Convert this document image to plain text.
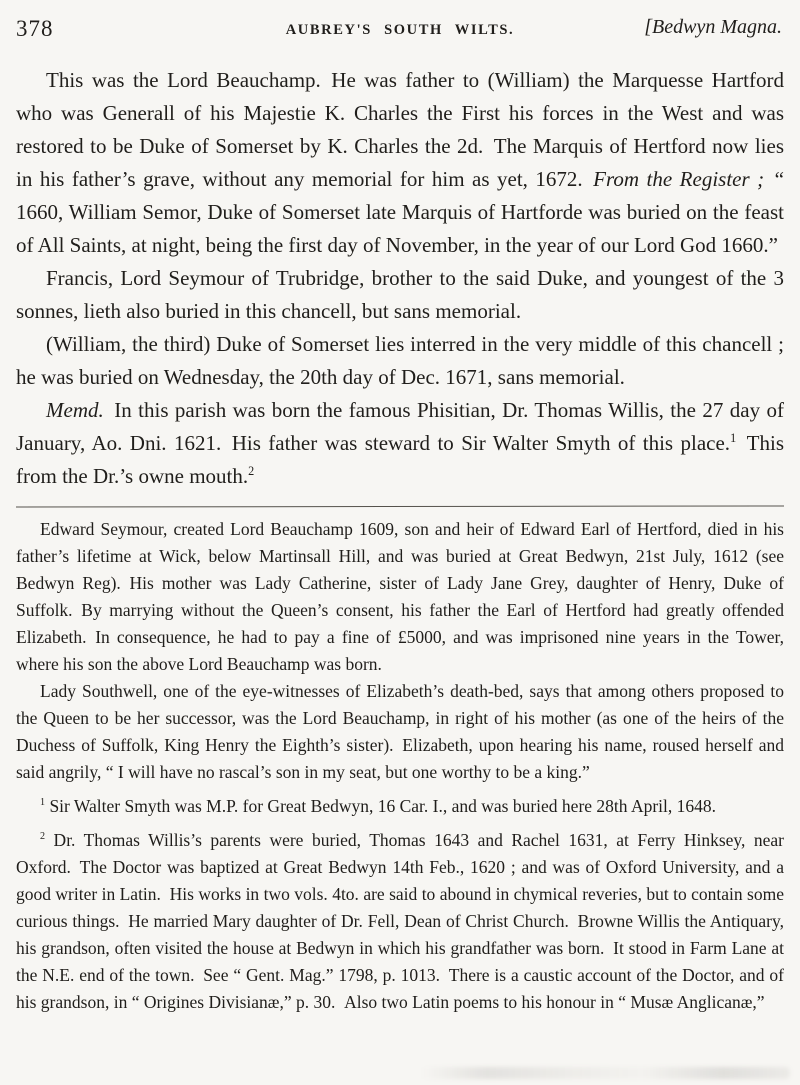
378	AUBREY'S SOUTH WILTS.	[Bedwyn Magna.

This was the Lord Beauchamp. He was father to (William) the Marquesse Hartford who was Generall of his Majestie K. Charles the First his forces in the West and was restored to be Duke of Somerset by K. Charles the 2d. The Marquis of Hertford now lies in his father’s grave, without any memorial for him as yet, 1672. From the Register ; “ 1660, William Semor, Duke of Somerset late Marquis of Hartforde was buried on the feast of All Saints, at night, being the first day of November, in the year of our Lord God 1660.”

Francis, Lord Seymour of Trubridge, brother to the said Duke, and youngest of the 3 sonnes, lieth also buried in this chancell, but sans memorial.

(William, the third) Duke of Somerset lies interred in the very middle of this chancell ; he was buried on Wednesday, the 20th day of Dec. 1671, sans memorial.

Memd. In this parish was born the famous Phisitian, Dr. Thomas Willis, the 27 day of January, Ao. Dni. 1621. His father was steward to Sir Walter Smyth of this place.$^1$ This from the Dr.’s owne mouth.$^2$

Edward Seymour, created Lord Beauchamp 1609, son and heir of Edward Earl of Hertford, died in his father’s lifetime at Wick, below Martinsall Hill, and was buried at Great Bedwyn, 21st July, 1612 (see Bedwyn Reg). His mother was Lady Catherine, sister of Lady Jane Grey, daughter of Henry, Duke of Suffolk. By marrying without the Queen’s consent, his father the Earl of Hertford had greatly offended Elizabeth. In consequence, he had to pay a fine of £5000, and was imprisoned nine years in the Tower, where his son the above Lord Beauchamp was born.

Lady Southwell, one of the eye-witnesses of Elizabeth’s death-bed, says that among others proposed to the Queen to be her successor, was the Lord Beauchamp, in right of his mother (as one of the heirs of the Duchess of Suffolk, King Henry the Eighth’s sister). Elizabeth, upon hearing his name, roused herself and said angrily, “ I will have no rascal’s son in my seat, but one worthy to be a king.”

$^1$ Sir Walter Smyth was M.P. for Great Bedwyn, 16 Car. I., and was buried here 28th April, 1648.

$^2$ Dr. Thomas Willis’s parents were buried, Thomas 1643 and Rachel 1631, at Ferry Hinksey, near Oxford. The Doctor was baptized at Great Bedwyn 14th Feb., 1620 ; and was of Oxford University, and a good writer in Latin. His works in two vols. 4to. are said to abound in chymical reveries, but to contain some curious things. He married Mary daughter of Dr. Fell, Dean of Christ Church. Browne Willis the Antiquary, his grandson, often visited the house at Bedwyn in which his grandfather was born. It stood in Farm Lane at the N.E. end of the town. See “ Gent. Mag.” 1798, p. 1013. There is a caustic account of the Doctor, and of his grandson, in “ Origines Divisianæ,” p. 30. Also two Latin poems to his honour in “ Musæ Anglicanæ,”
